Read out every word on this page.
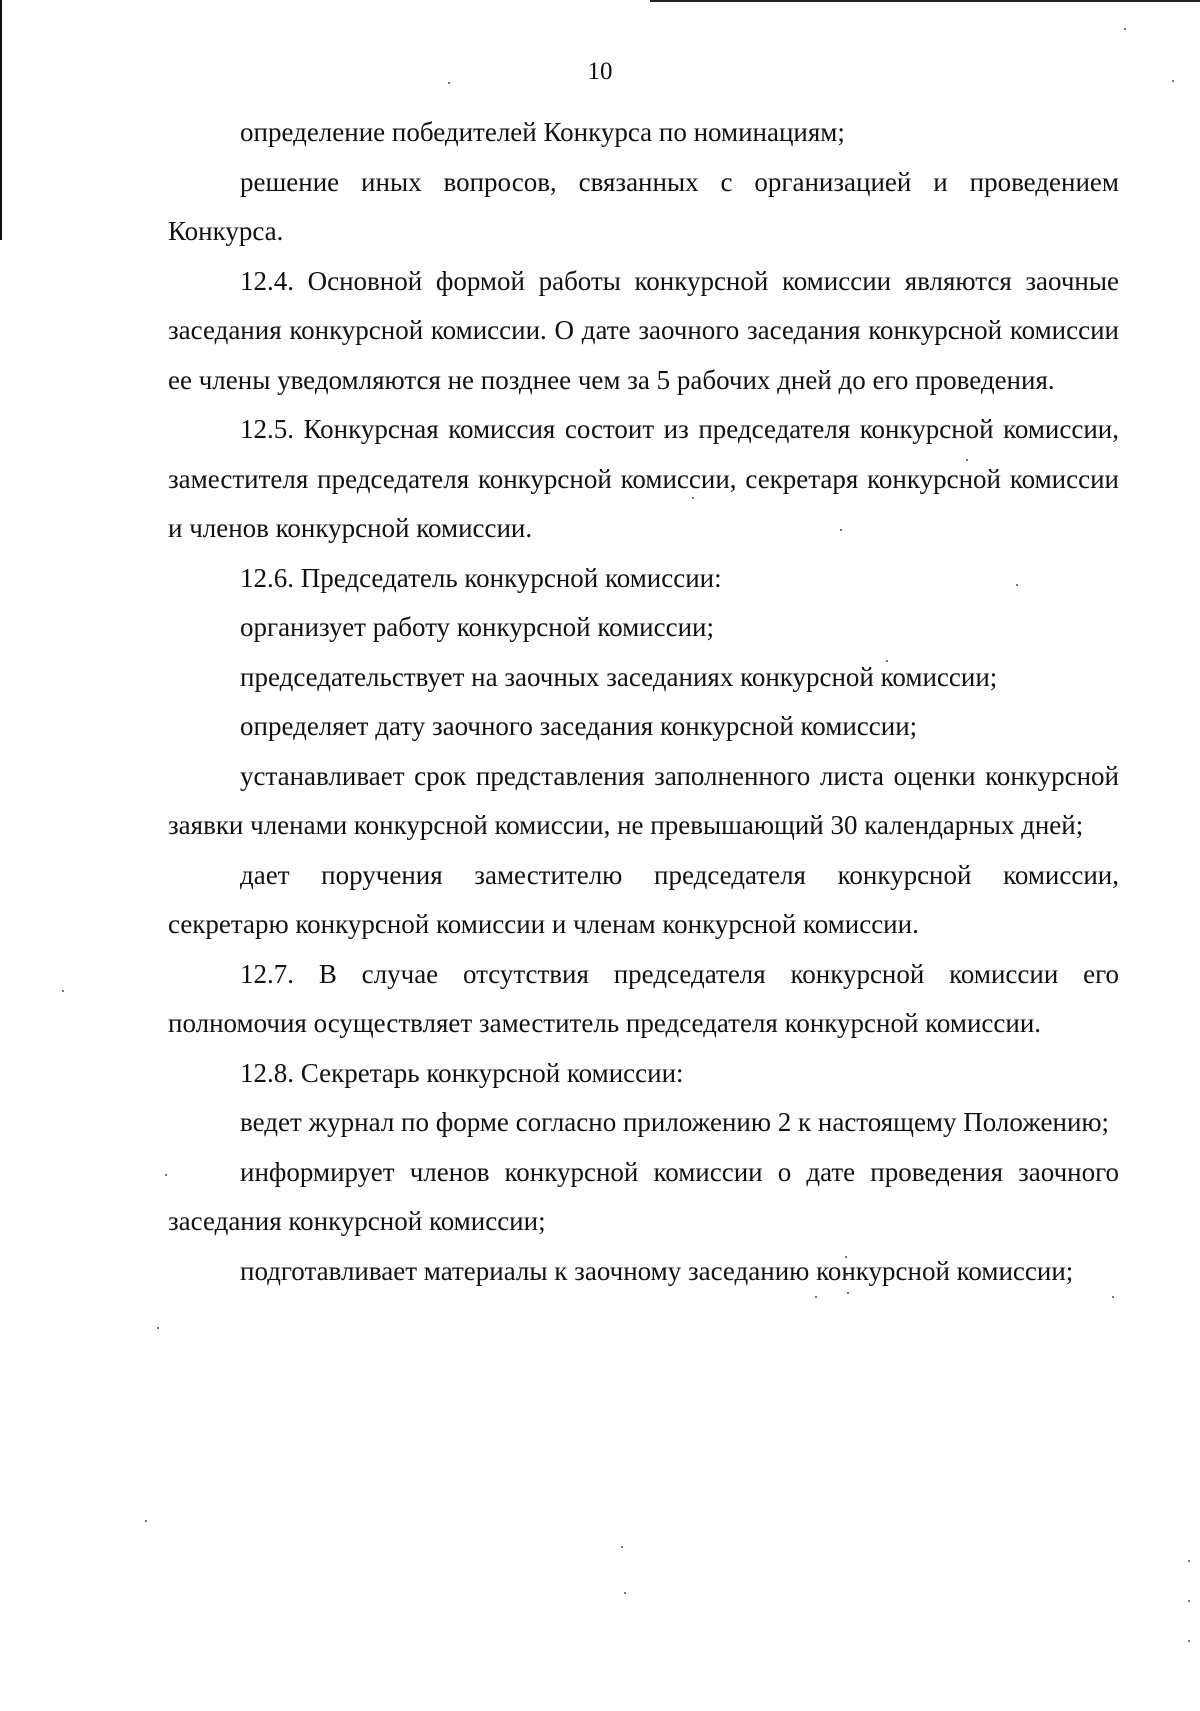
10

определение победителей Конкурса по номинациям;

решение иных вопросов, связанных с организацией и проведением Конкурса.

12.4. Основной формой работы конкурсной комиссии являются заочные заседания конкурсной комиссии. О дате заочного заседания конкурсной комиссии ее члены уведомляются не позднее чем за 5 рабочих дней до его проведения.

12.5. Конкурсная комиссия состоит из председателя конкурсной комиссии, заместителя председателя конкурсной комиссии, секретаря конкурсной комиссии и членов конкурсной комиссии.

12.6. Председатель конкурсной комиссии:

организует работу конкурсной комиссии;

председательствует на заочных заседаниях конкурсной комиссии;

определяет дату заочного заседания конкурсной комиссии;

устанавливает срок представления заполненного листа оценки конкурсной заявки членами конкурсной комиссии, не превышающий 30 календарных дней;

дает поручения заместителю председателя конкурсной комиссии, секретарю конкурсной комиссии и членам конкурсной комиссии.

12.7. В случае отсутствия председателя конкурсной комиссии его полномочия осуществляет заместитель председателя конкурсной комиссии.

12.8. Секретарь конкурсной комиссии:

ведет журнал по форме согласно приложению 2 к настоящему Положению;

информирует членов конкурсной комиссии о дате проведения заочного заседания конкурсной комиссии;

подготавливает материалы к заочному заседанию конкурсной комиссии;
